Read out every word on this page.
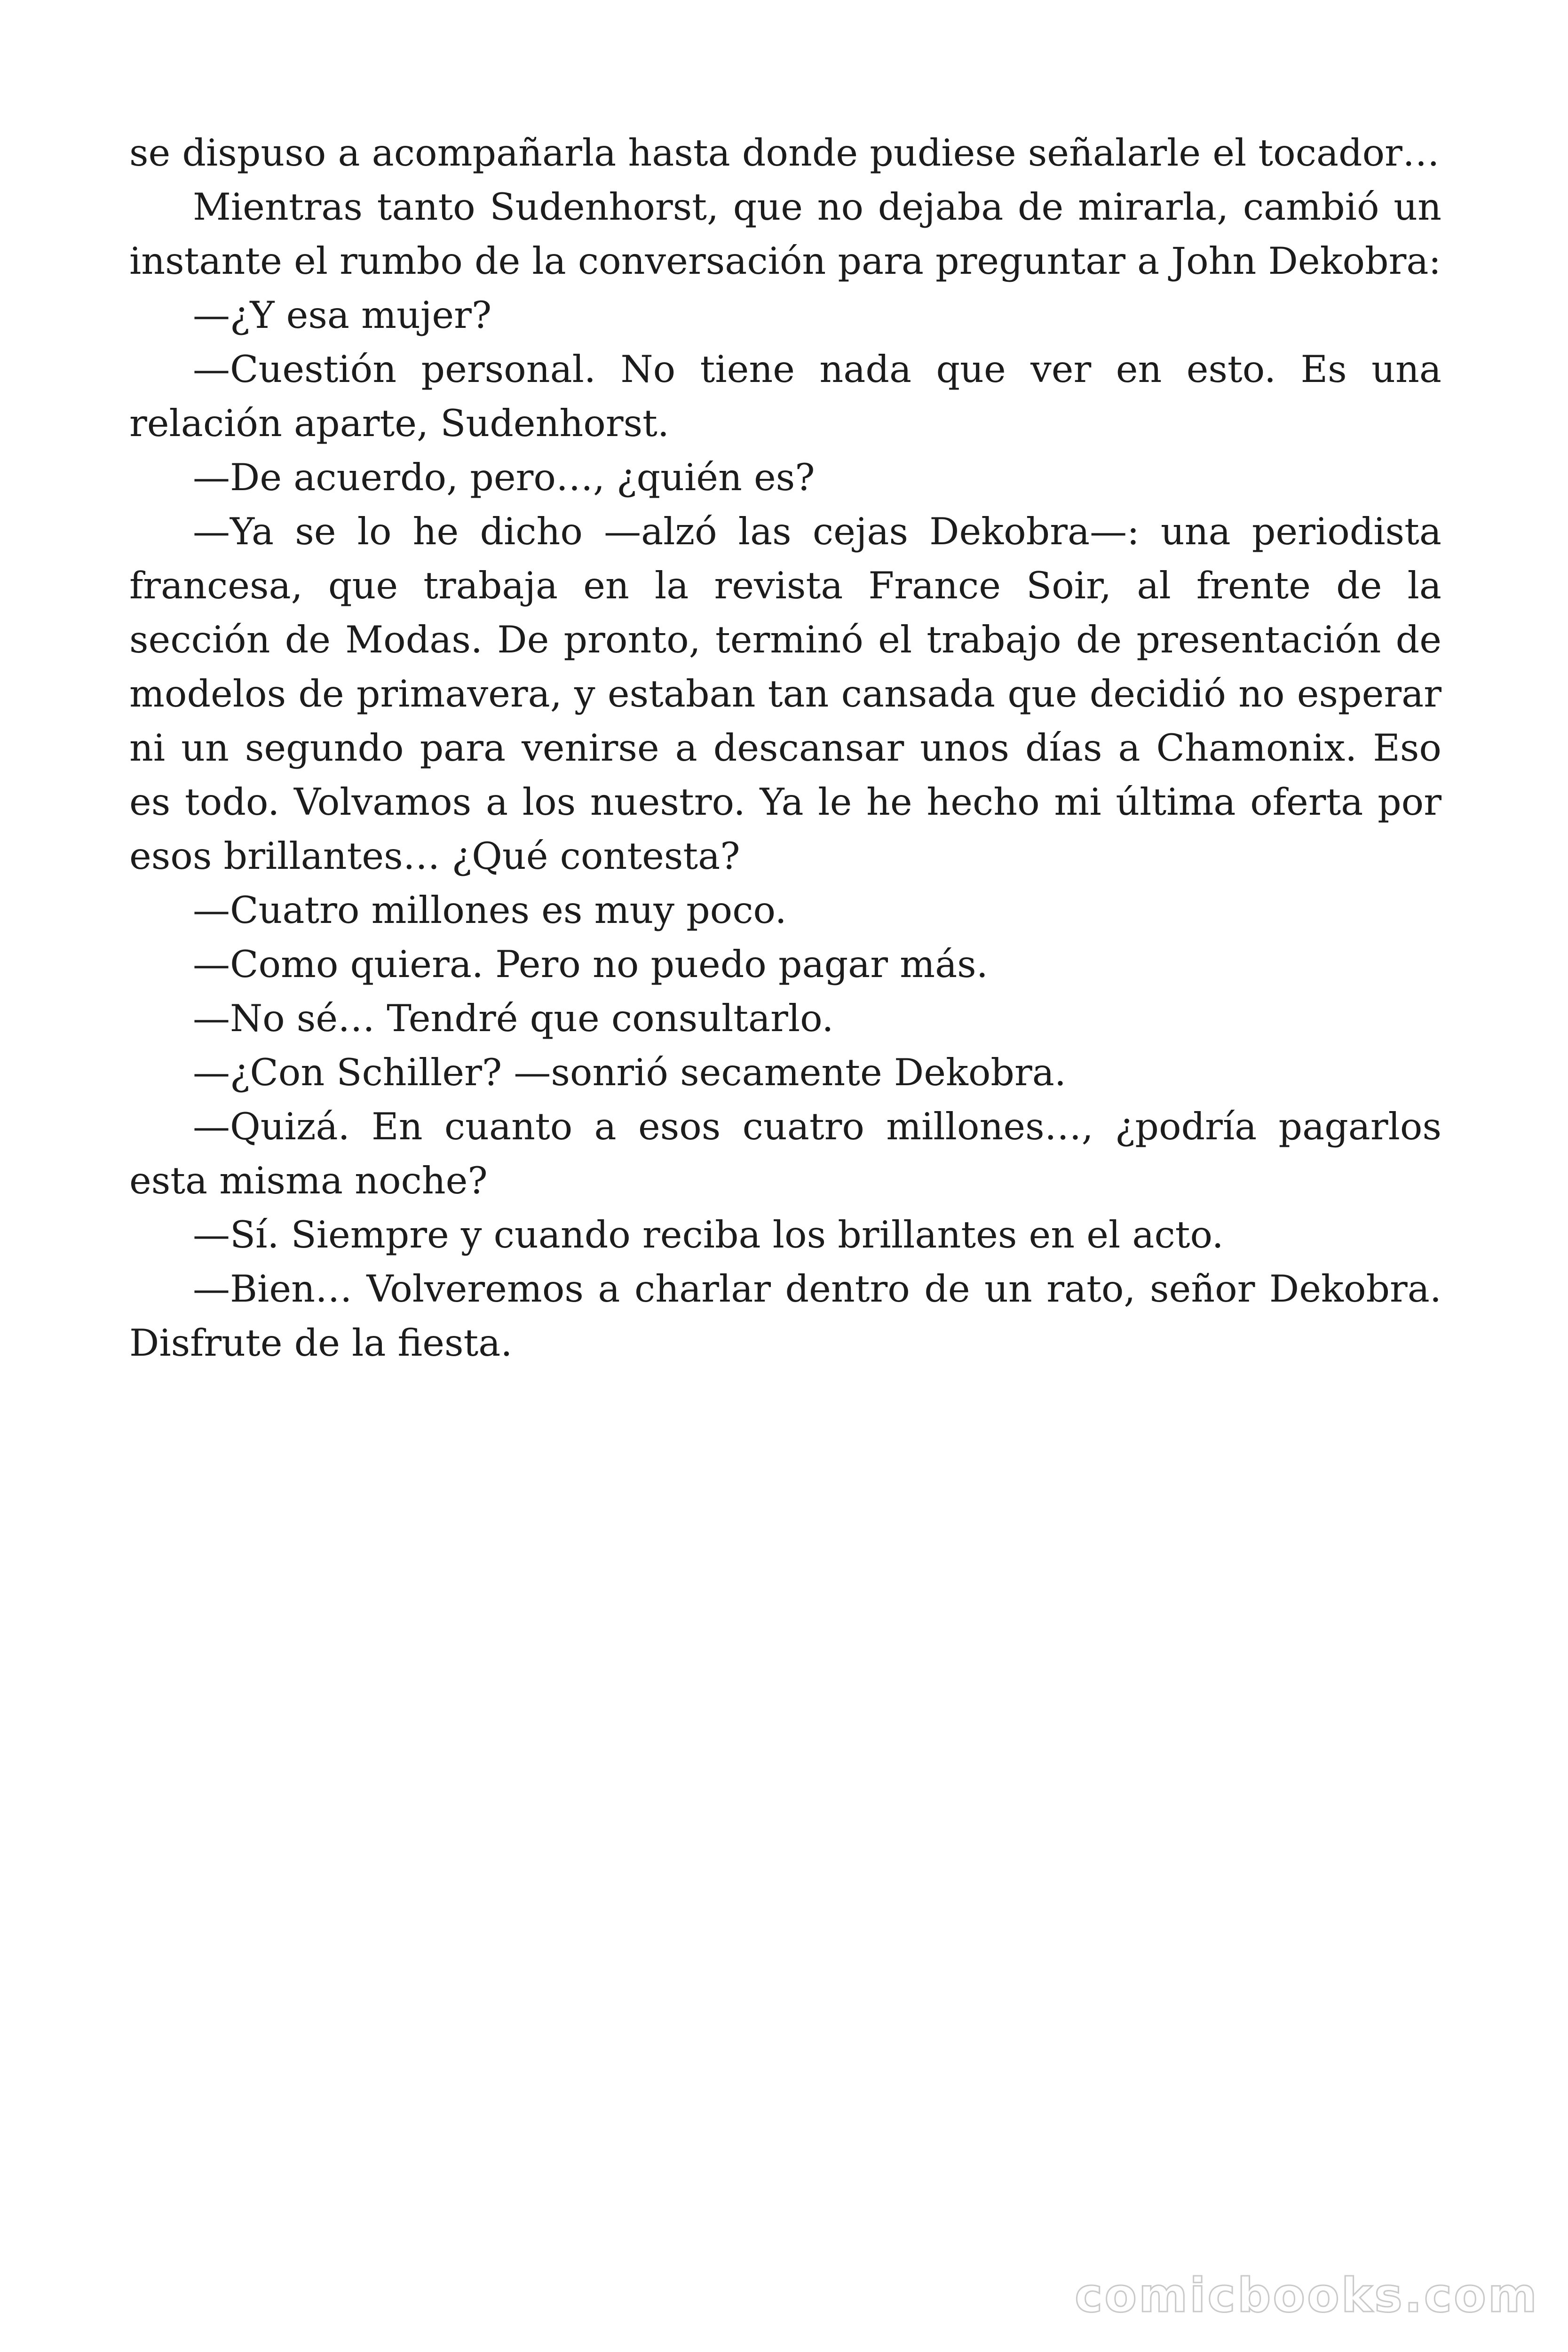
se dispuso a acompañarla hasta donde pudiese señalarle el tocador…

Mientras tanto Sudenhorst, que no dejaba de mirarla, cambió un instante el rumbo de la conversación para preguntar a John Dekobra:

—¿Y esa mujer?

—Cuestión personal. No tiene nada que ver en esto. Es una relación aparte, Sudenhorst.

—De acuerdo, pero…, ¿quién es?

—Ya se lo he dicho —alzó las cejas Dekobra—: una periodista francesa, que trabaja en la revista France Soir, al frente de la sección de Modas. De pronto, terminó el trabajo de presentación de modelos de primavera, y estaban tan cansada que decidió no esperar ni un segundo para venirse a descansar unos días a Chamonix. Eso es todo. Volvamos a los nuestro. Ya le he hecho mi última oferta por esos brillantes… ¿Qué contesta?

—Cuatro millones es muy poco.

—Como quiera. Pero no puedo pagar más.

—No sé… Tendré que consultarlo.

—¿Con Schiller? —sonrió secamente Dekobra.

—Quizá. En cuanto a esos cuatro millones…, ¿podría pagarlos esta misma noche?

—Sí. Siempre y cuando reciba los brillantes en el acto.

—Bien… Volveremos a charlar dentro de un rato, señor Dekobra. Disfrute de la fiesta.

comicbooks.com
